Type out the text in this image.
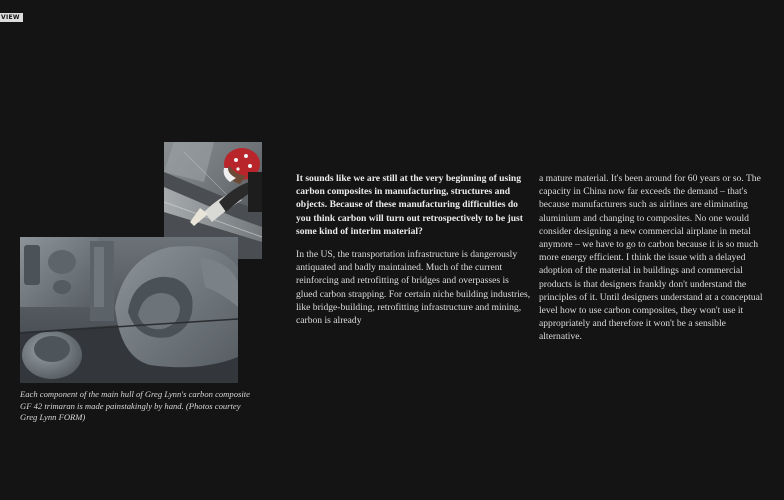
VIEW

Each component of the main hull of Greg Lynn's carbon composite GF 42 trimaran is made painstakingly by hand. (Photos courtey Greg Lynn FORM)

It sounds like we are still at the very beginning of using carbon composites in manufacturing, structures and objects. Because of these manufacturing difficulties do you think carbon will turn out retrospectively to be just some kind of interim material?

In the US, the transportation infrastructure is dangerously antiquated and badly maintained. Much of the current reinforcing and retrofitting of bridges and overpasses is glued carbon strapping. For certain niche building industries, like bridge-building, retrofitting infrastructure and mining, carbon is already

a mature material. It's been around for 60 years or so. The capacity in China now far exceeds the demand – that's because manufacturers such as airlines are eliminating aluminium and changing to composites. No one would consider designing a new commercial airplane in metal anymore – we have to go to carbon because it is so much more energy efficient. I think the issue with a delayed adoption of the material in buildings and commercial products is that designers frankly don't understand the principles of it. Until designers understand at a conceptual level how to use carbon composites, they won't use it appropriately and therefore it won't be a sensible alternative.
